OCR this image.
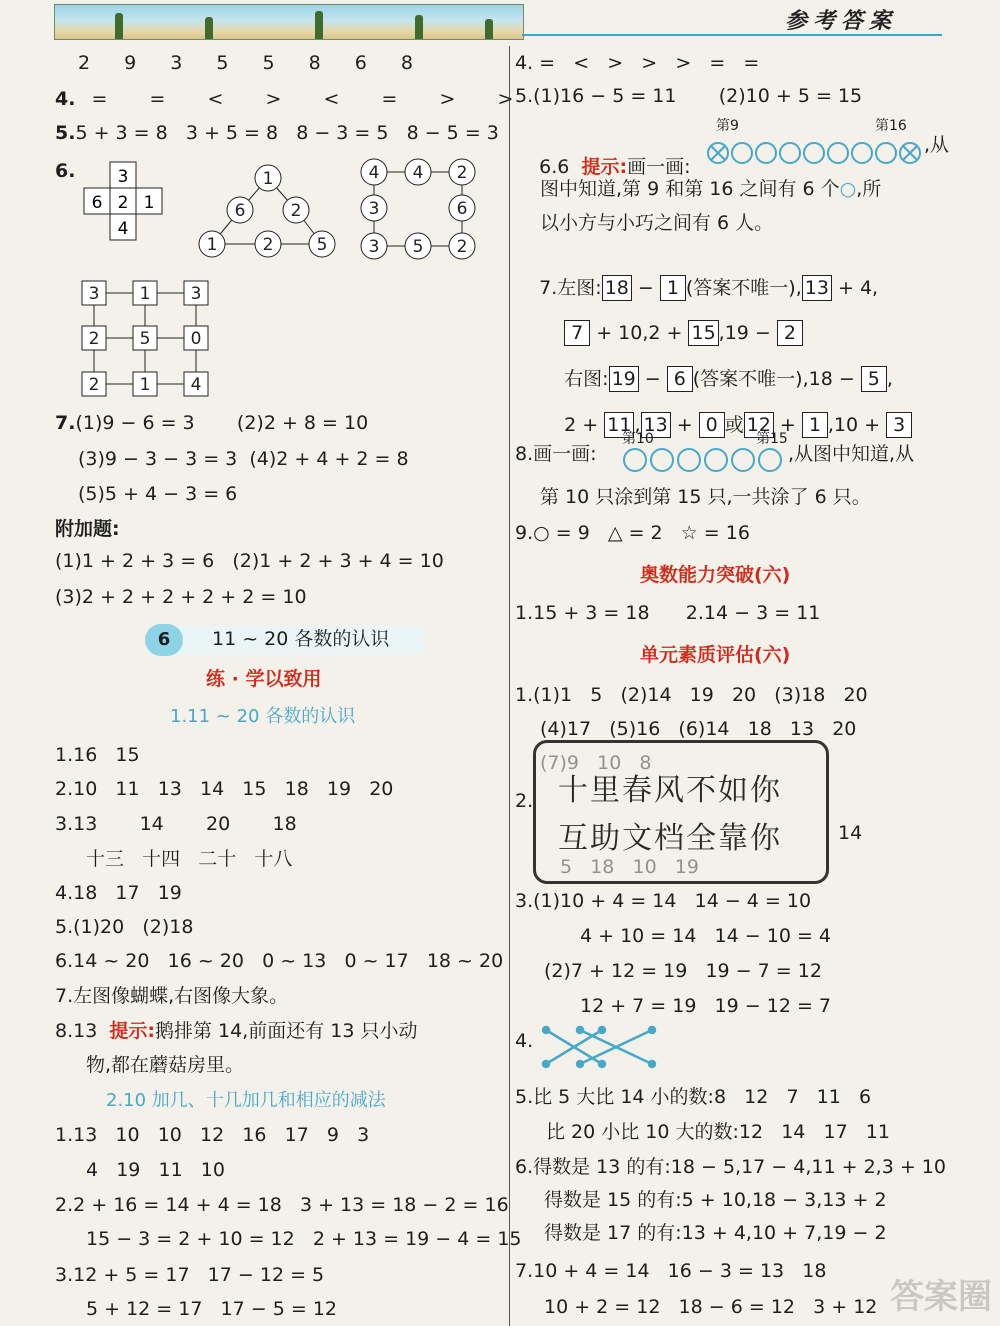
参考答案
2 9 3 5 5 8 6 8
4. =  =  <  >  <  =  >  >
5.5 + 3 = 8   3 + 5 = 8   8 − 3 = 5   8 − 5 = 3
6. 3
6 2 1
4
1
6	2
1	2	5
4 4 2
3	6
3 5 2
3 1 3
2 5 0
2 1 4
7.(1)9 − 6 = 3       (2)2 + 8 = 10
(3)9 − 3 − 3 = 3  (4)2 + 4 + 2 = 8
(5)5 + 4 − 3 = 6
附加题:
(1)1 + 2 + 3 = 6   (2)1 + 2 + 3 + 4 = 10
(3)2 + 2 + 2 + 2 + 2 = 10
6	11 ~ 20 各数的认识
练 · 学以致用
1.11 ~ 20 各数的认识
1.16   15
2.10   11   13   14   15   18   19   20
3.13       14       20       18
十三   十四   二十   十八
4.18   17   19
5.(1)20   (2)18
6.14 ~ 20   16 ~ 20   0 ~ 13   0 ~ 17   18 ~ 20
7.左图像蝴蝶,右图像大象。
8.13  提示:鹅排第 14,前面还有 13 只小动
物,都在蘑菇房里。
2.10 加几、十几加几和相应的减法
1.13   10   10   12   16   17   9   3
4   19   11   10
2.2 + 16 = 14 + 4 = 18   3 + 13 = 18 − 2 = 16
15 − 3 = 2 + 10 = 12   2 + 13 = 19 − 4 = 15
3.12 + 5 = 17   17 − 12 = 5
5 + 12 = 17   17 − 5 = 12
4. =   <   >   >   >   =   =
5.(1)16 − 5 = 11       (2)10 + 5 = 15

6.6  提示:画一画:

第9	第16
,从
图中知道,第 9 和第 16 之间有 6 个○,所
以小方与小巧之间有 6 人。

7.左图: 18 − 1 (答案不唯一), 13 + 4,

7 + 10,2 + 15 ,19 − 2

右图: 19 − 6 (答案不唯一),18 − 5 ,

2 + 11 , 13 + 0 或 12 + 1 ,10 + 3

8.画一画:
第10	第15
,从图中知道,从
第 10 只涂到第 15 只,一共涂了 6 只。
9.○ = 9   △ = 2   ☆ = 16
奥数能力突破(六)
1.15 + 3 = 18      2.14 − 3 = 11
单元素质评估(六)
1.(1)1   5   (2)14   19   20   (3)18   20
(4)17   (5)16   (6)14   18   13   20
2.
14
十里春风不如你
互助文档全靠你
3.(1)10 + 4 = 14   14 − 4 = 10
4 + 10 = 14   14 − 10 = 4
(2)7 + 12 = 19   19 − 7 = 12
12 + 7 = 19   19 − 12 = 7
4.
5.比 5 大比 14 小的数:8   12   7   11   6
比 20 小比 10 大的数:12   14   17   11
6.得数是 13 的有:18 − 5,17 − 4,11 + 2,3 + 10
得数是 15 的有:5 + 10,18 − 3,13 + 2
得数是 17 的有:13 + 4,10 + 7,19 − 2
7.10 + 4 = 14   16 − 3 = 13   18
10 + 2 = 12   18 − 6 = 12   3 + 12 答案圈
